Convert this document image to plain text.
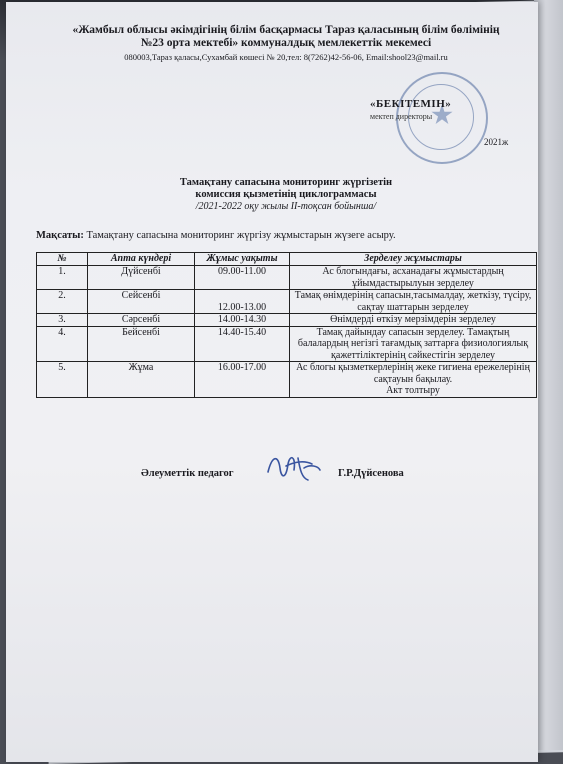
«Жамбыл облысы әкімдігінің білім басқармасы Тараз қаласының білім бөлімінің
№23 орта мектебі» коммуналдық мемлекеттік мекемесі
080003,Тараз қаласы,Сухамбай көшесі № 20,тел: 8(7262)42-56-06, Email:shool23@mail.ru
«БЕКІТЕМІН»
мектеп директоры
2021ж
Тамақтану сапасына мониторинг жүргізетін
комиссия қызметінің циклограммасы
/2021-2022 оқу жылы II-тоқсан бойынша/
Мақсаты: Тамақтану сапасына мониторинг жүргізу жұмыстарын жүзеге асыру.
№	Апта күндері	Жұмыс уақыты	Зерделеу жұмыстары
1.	Дүйсенбі	09.00-11.00	Ас блогындағы, асханадағы жұмыстардың ұйымдастырылуын зерделеу
2.	Сейсенбі	12.00-13.00	Тамақ өнімдерінің сапасын,тасымалдау, жеткізу, түсіру, сақтау шаттарын зерделеу
3.	Сәрсенбі	14.00-14.30	Өнімдерді өткізу мерзімдерін зерделеу
4.	Бейсенбі	14.40-15.40	Тамақ дайындау сапасын зерделеу. Тамақтың балалардың негізгі тағамдық заттарға физиологиялық қажеттіліктерінің сәйкестігін зерделеу
5.	Жұма	16.00-17.00	Ас блогы қызметкерлерінің жеке гигиена ережелерінің сақтауын бақылау.
Акт толтыру
Әлеуметтік педагог	Г.Р.Дүйсенова
